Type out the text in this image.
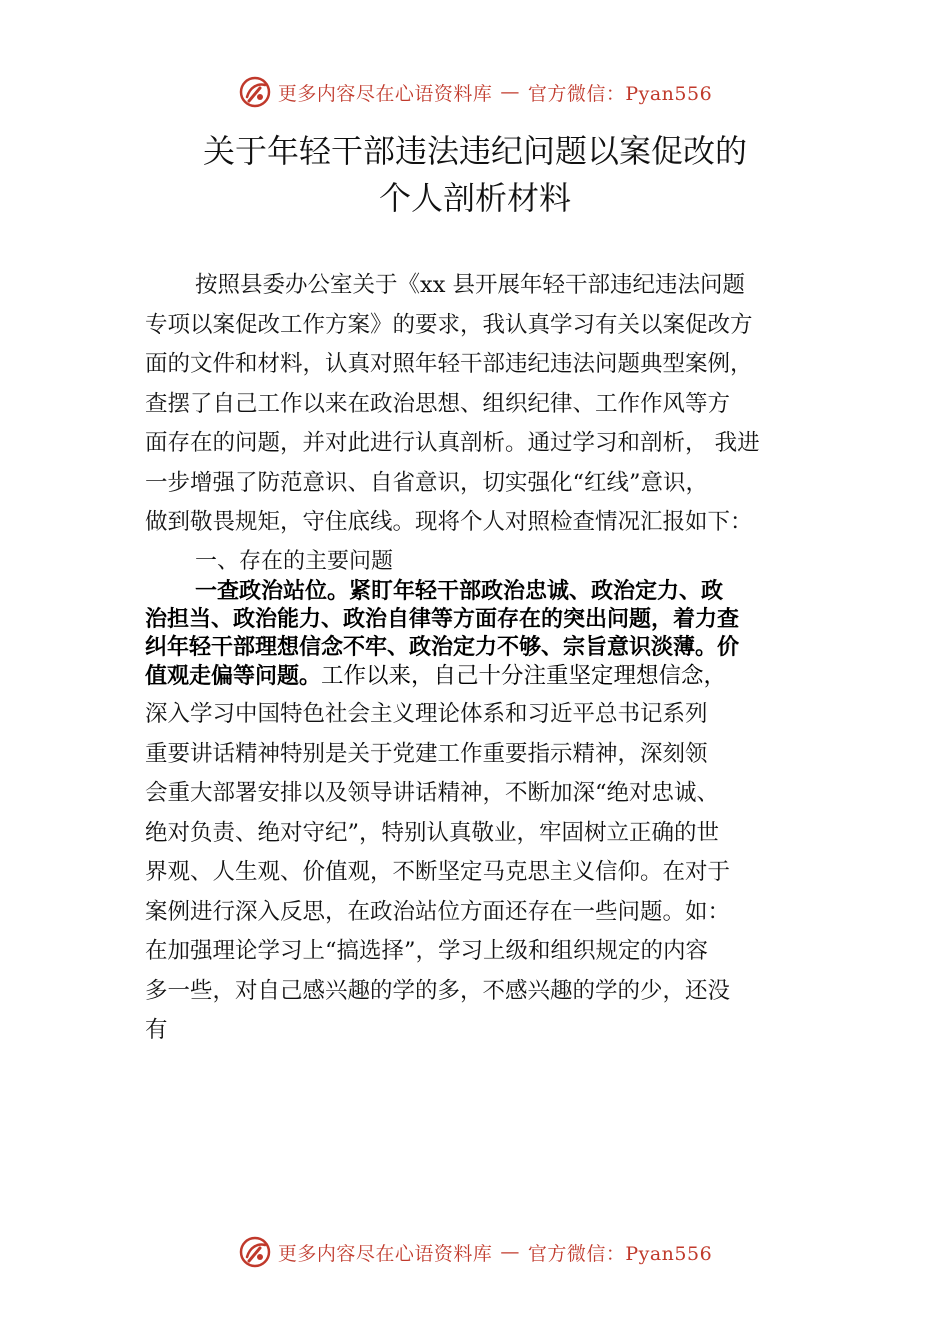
更多内容尽在心语资料库 — 官方微信：Pyan556
关于年轻干部违法违纪问题以案促改的
个人剖析材料
按照县委办公室关于《xx 县开展年轻干部违纪违法问题
专项以案促改工作方案》的要求，我认真学习有关以案促改方
面的文件和材料，认真对照年轻干部违纪违法问题典型案例，
查摆了自己工作以来在政治思想、组织纪律、工作作风等方
面存在的问题，并对此进行认真剖析。通过学习和剖析， 我进
一步增强了防范意识、自省意识，切实强化“红线”意识，
做到敬畏规矩，守住底线。现将个人对照检查情况汇报如下：
一、存在的主要问题
一查政治站位。紧盯年轻干部政治忠诚、政治定力、政
治担当、政治能力、政治自律等方面存在的突出问题，着力查
纠年轻干部理想信念不牢、政治定力不够、宗旨意识淡薄。价
值观走偏等问题。工作以来，自己十分注重坚定理想信念，
深入学习中国特色社会主义理论体系和习近平总书记系列
重要讲话精神特别是关于党建工作重要指示精神，深刻领
会重大部署安排以及领导讲话精神，不断加深“绝对忠诚、
绝对负责、绝对守纪”，特别认真敬业，牢固树立正确的世
界观、人生观、价值观，不断坚定马克思主义信仰。在对于
案例进行深入反思，在政治站位方面还存在一些问题。如：
在加强理论学习上“搞选择”，学习上级和组织规定的内容
多一些，对自己感兴趣的学的多，不感兴趣的学的少，还没
有
更多内容尽在心语资料库 — 官方微信：Pyan556
